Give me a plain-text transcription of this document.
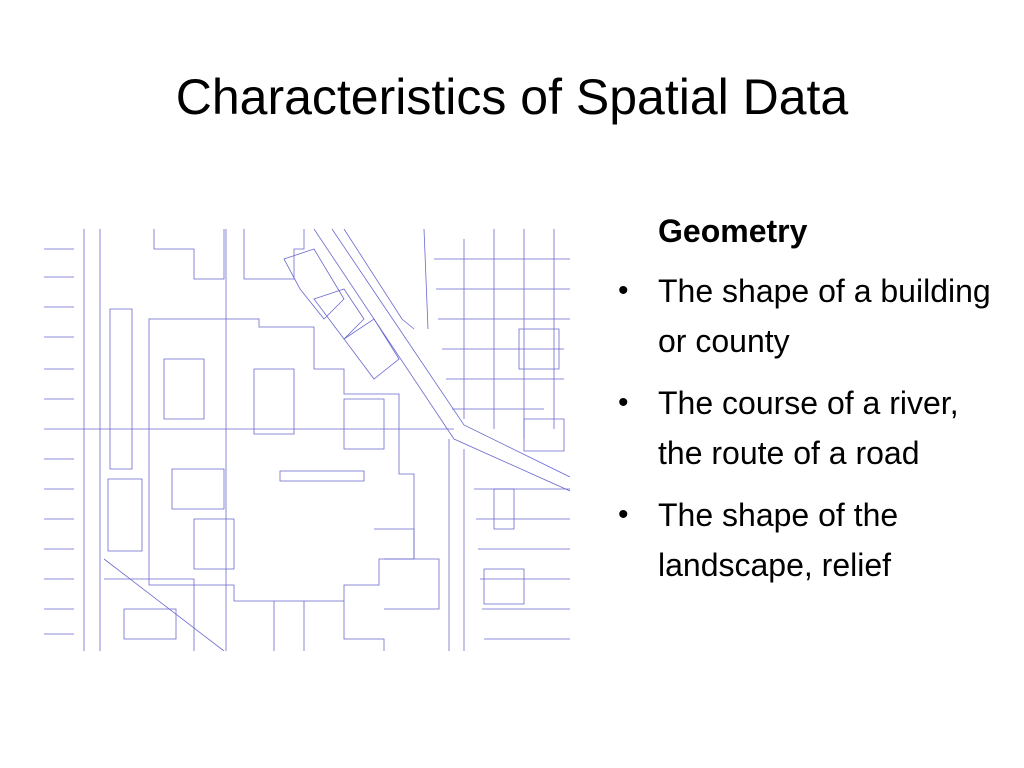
Characteristics of Spatial Data
Geometry
• The shape of a building or county
• The course of a river, the route of a road
• The shape of the landscape, relief
